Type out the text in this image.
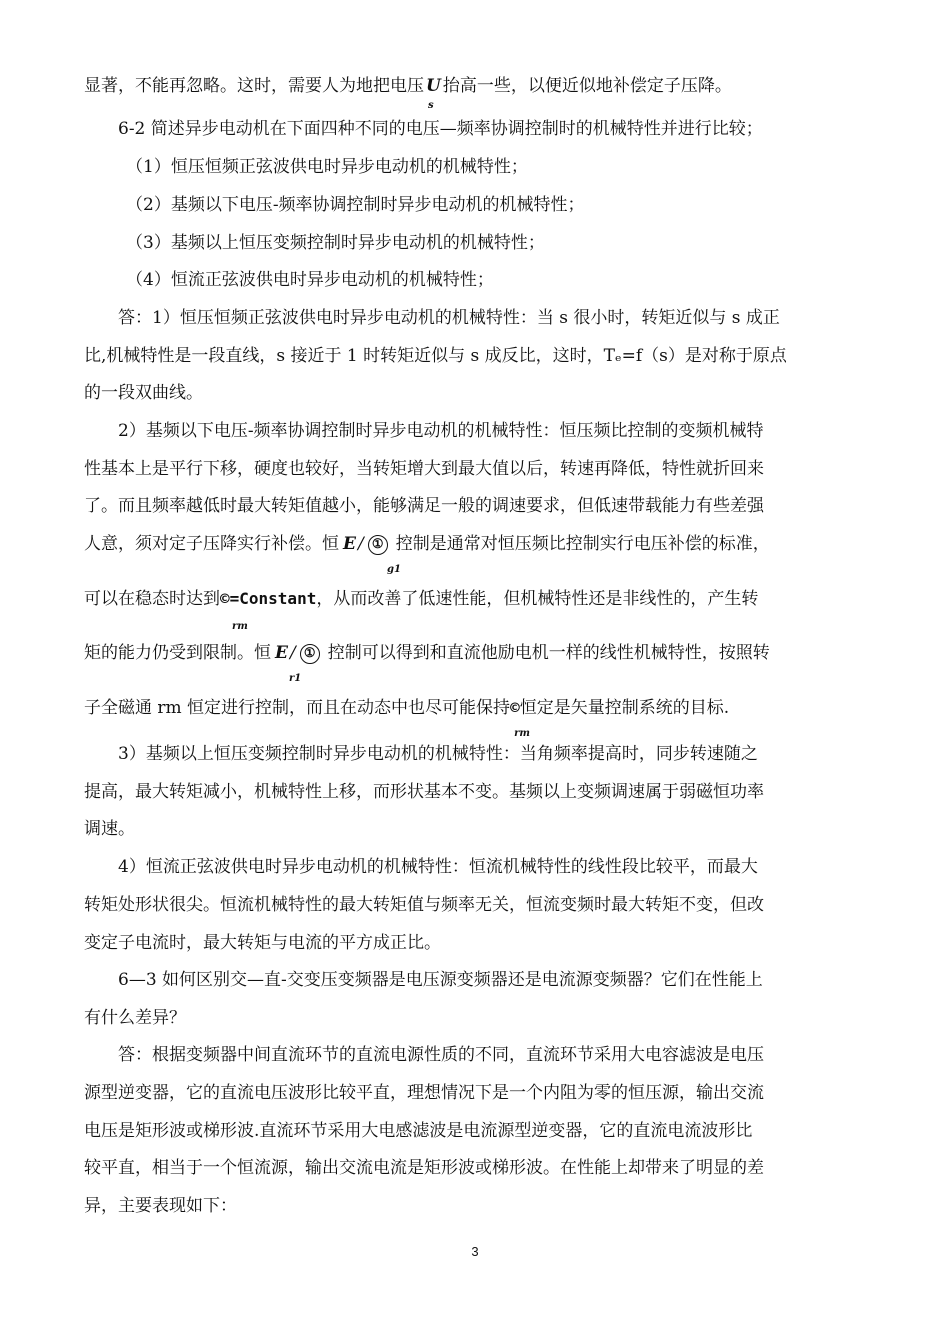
显著，不能再忽略。这时，需要人为地把电压 U
s
抬高一些，以便近似地补偿定子压降。
6-2 简述异步电动机在下面四种不同的电压—频率协调控制时的机械特性并进行比较；
（1）恒压恒频正弦波供电时异步电动机的机械特性；
（2）基频以下电压-频率协调控制时异步电动机的机械特性；
（3）基频以上恒压变频控制时异步电动机的机械特性；
（4）恒流正弦波供电时异步电动机的机械特性；
答：1）恒压恒频正弦波供电时异步电动机的机械特性：当 s 很小时，转矩近似与 s 成正
比,机械特性是一段直线，s 接近于 1 时转矩近似与 s 成反比，这时，Tₑ=f（s）是对称于原点
的一段双曲线。
2）基频以下电压-频率协调控制时异步电动机的机械特性：恒压频比控制的变频机械特
性基本上是平行下移，硬度也较好，当转矩增大到最大值以后，转速再降低，特性就折回来
了。而且频率越低时最大转矩值越小，能够满足一般的调速要求，但低速带载能力有些差强
人意，须对定子压降实行补偿。恒 E / ①
g1
控制是通常对恒压频比控制实行电压补偿的标准，
可以在稳态时达到©=Constant
rm
，从而改善了低速性能，但机械特性还是非线性的，产生转
矩的能力仍受到限制。恒 E / ①
r1
控制可以得到和直流他励电机一样的线性机械特性，按照转
子全磁通 rm 恒定进行控制，而且在动态中也尽可能保持©
rm
恒定是矢量控制系统的目标.
3）基频以上恒压变频控制时异步电动机的机械特性：当角频率提高时，同步转速随之
提高，最大转矩减小，机械特性上移，而形状基本不变。基频以上变频调速属于弱磁恒功率
调速。
4）恒流正弦波供电时异步电动机的机械特性：恒流机械特性的线性段比较平，而最大
转矩处形状很尖。恒流机械特性的最大转矩值与频率无关，恒流变频时最大转矩不变，但改
变定子电流时，最大转矩与电流的平方成正比。
6—3 如何区别交—直-交变压变频器是电压源变频器还是电流源变频器？它们在性能上
有什么差异？
答：根据变频器中间直流环节的直流电源性质的不同，直流环节采用大电容滤波是电压
源型逆变器，它的直流电压波形比较平直，理想情况下是一个内阻为零的恒压源，输出交流
电压是矩形波或梯形波.直流环节采用大电感滤波是电流源型逆变器，它的直流电流波形比
较平直，相当于一个恒流源，输出交流电流是矩形波或梯形波。在性能上却带来了明显的差
异，主要表现如下：
3
